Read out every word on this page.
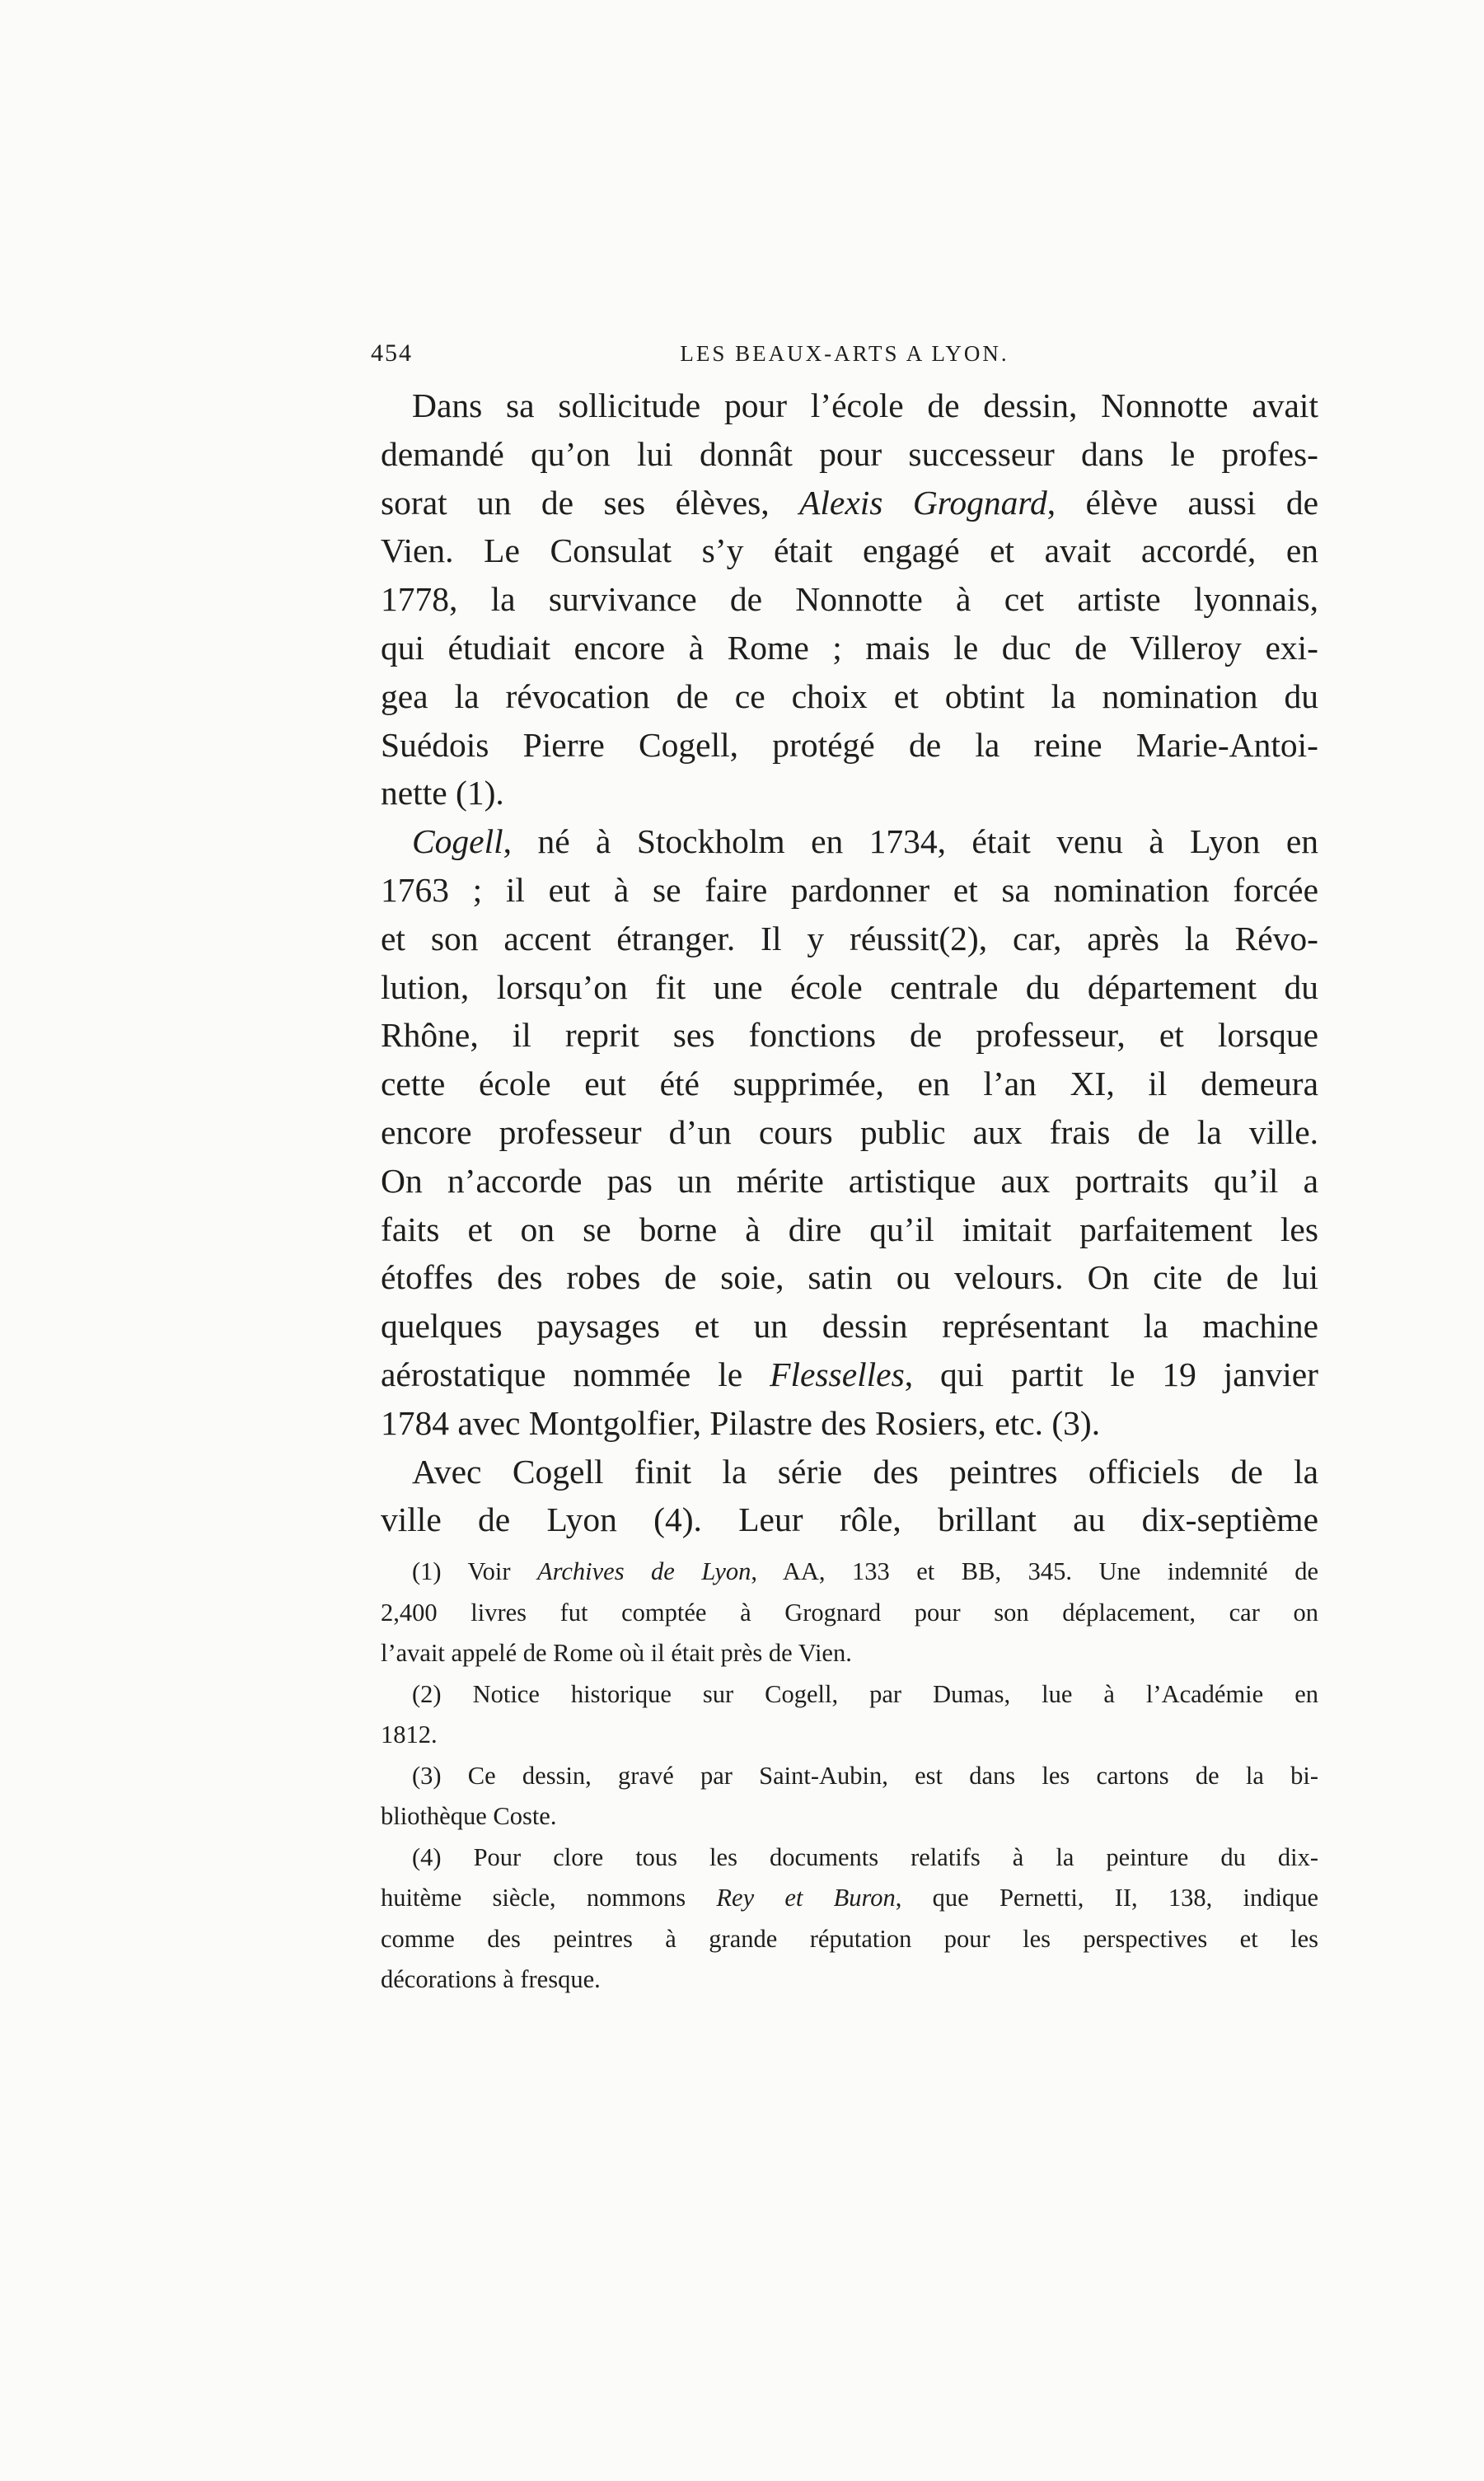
454	LES BEAUX-ARTS A LYON.
Dans sa sollicitude pour l’école de dessin, Nonnotte avait
demandé qu’on lui donnât pour successeur dans le profes-
sorat un de ses élèves, Alexis Grognard, élève aussi de
Vien. Le Consulat s’y était engagé et avait accordé, en
1778, la survivance de Nonnotte à cet artiste lyonnais,
qui étudiait encore à Rome ; mais le duc de Villeroy exi-
gea la révocation de ce choix et obtint la nomination du
Suédois Pierre Cogell, protégé de la reine Marie-Antoi-
nette (1).
Cogell, né à Stockholm en 1734, était venu à Lyon en
1763 ; il eut à se faire pardonner et sa nomination forcée
et son accent étranger. Il y réussit(2), car, après la Révo-
lution, lorsqu’on fit une école centrale du département du
Rhône, il reprit ses fonctions de professeur, et lorsque
cette école eut été supprimée, en l’an XI, il demeura
encore professeur d’un cours public aux frais de la ville.
On n’accorde pas un mérite artistique aux portraits qu’il a
faits et on se borne à dire qu’il imitait parfaitement les
étoffes des robes de soie, satin ou velours. On cite de lui
quelques paysages et un dessin représentant la machine
aérostatique nommée le Flesselles, qui partit le 19 janvier
1784 avec Montgolfier, Pilastre des Rosiers, etc. (3).
Avec Cogell finit la série des peintres officiels de la
ville de Lyon (4). Leur rôle, brillant au dix-septième
(1) Voir Archives de Lyon, AA, 133 et BB, 345. Une indemnité de
2,400 livres fut comptée à Grognard pour son déplacement, car on
l’avait appelé de Rome où il était près de Vien.
(2) Notice historique sur Cogell, par Dumas, lue à l’Académie en
1812.
(3) Ce dessin, gravé par Saint-Aubin, est dans les cartons de la bi-
bliothèque Coste.
(4) Pour clore tous les documents relatifs à la peinture du dix-
huitème siècle, nommons Rey et Buron, que Pernetti, II, 138, indique
comme des peintres à grande réputation pour les perspectives et les
décorations à fresque.
